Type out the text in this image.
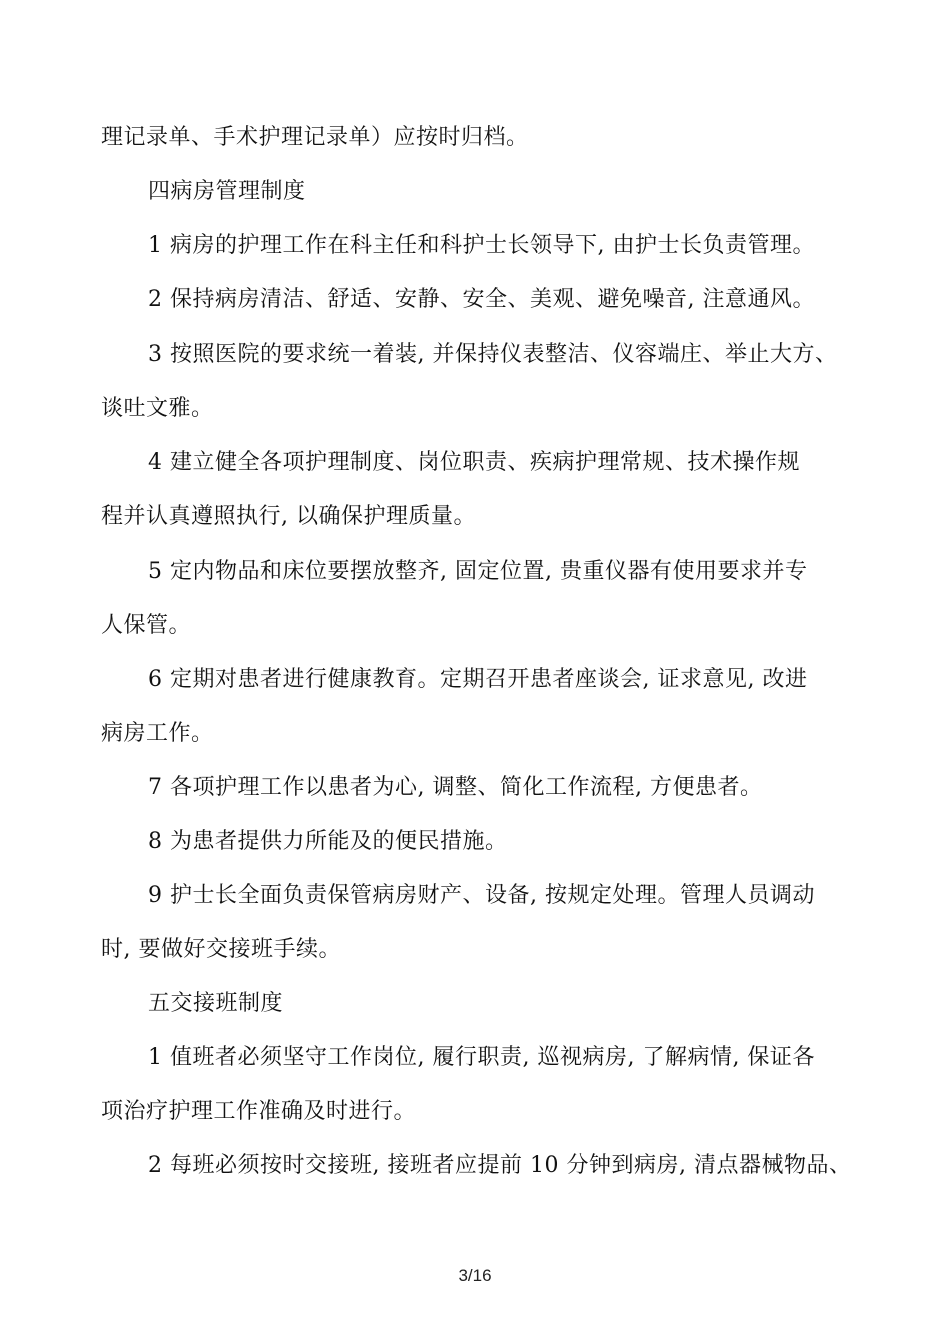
理记录单、手术护理记录单）应按时归档。
四病房管理制度
1 病房的护理工作在科主任和科护士长领导下, 由护士长负责管理。
2 保持病房清洁、舒适、安静、安全、美观、避免噪音, 注意通风。
3 按照医院的要求统一着装, 并保持仪表整洁、仪容端庄、举止大方、
谈吐文雅。
4 建立健全各项护理制度、岗位职责、疾病护理常规、技术操作规
程并认真遵照执行, 以确保护理质量。
5 定内物品和床位要摆放整齐, 固定位置, 贵重仪器有使用要求并专
人保管。
6 定期对患者进行健康教育。定期召开患者座谈会, 证求意见, 改进
病房工作。
7 各项护理工作以患者为心, 调整、简化工作流程, 方便患者。
8 为患者提供力所能及的便民措施。
9 护士长全面负责保管病房财产、设备, 按规定处理。管理人员调动
时, 要做好交接班手续。
五交接班制度
1 值班者必须坚守工作岗位, 履行职责, 巡视病房, 了解病情, 保证各
项治疗护理工作准确及时进行。
2 每班必须按时交接班, 接班者应提前 10 分钟到病房, 清点器械物品、
3/16
